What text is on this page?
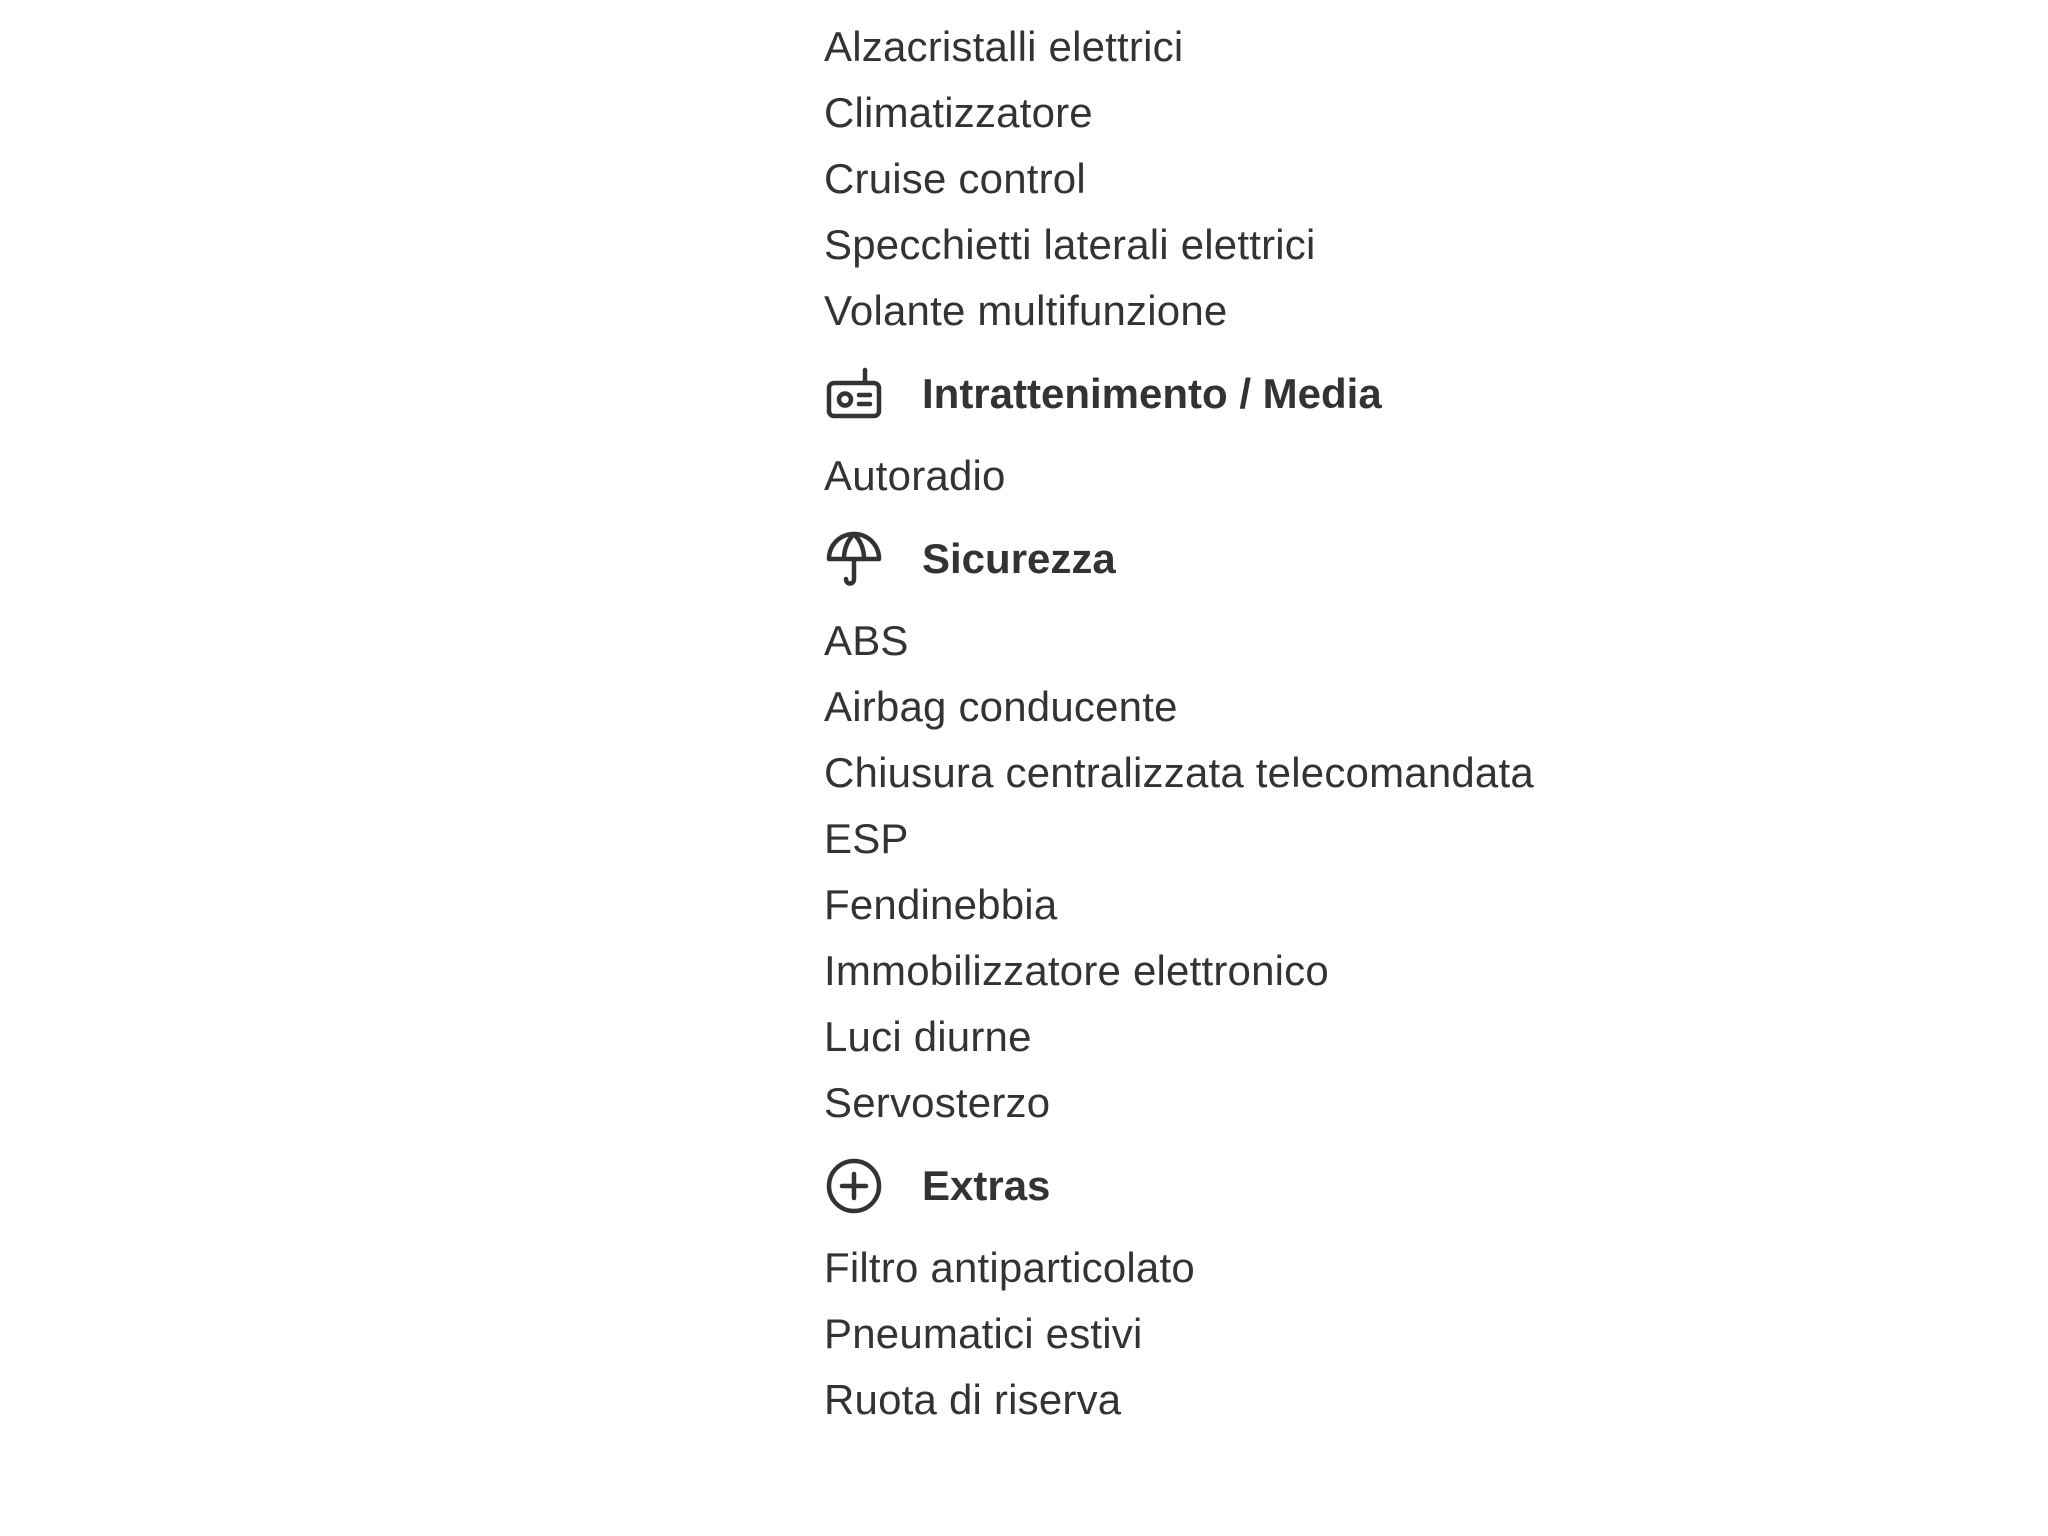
Alzacristalli elettrici
Climatizzatore
Cruise control
Specchietti laterali elettrici
Volante multifunzione
Intrattenimento / Media
Autoradio
Sicurezza
ABS
Airbag conducente
Chiusura centralizzata telecomandata
ESP
Fendinebbia
Immobilizzatore elettronico
Luci diurne
Servosterzo
Extras
Filtro antiparticolato
Pneumatici estivi
Ruota di riserva
